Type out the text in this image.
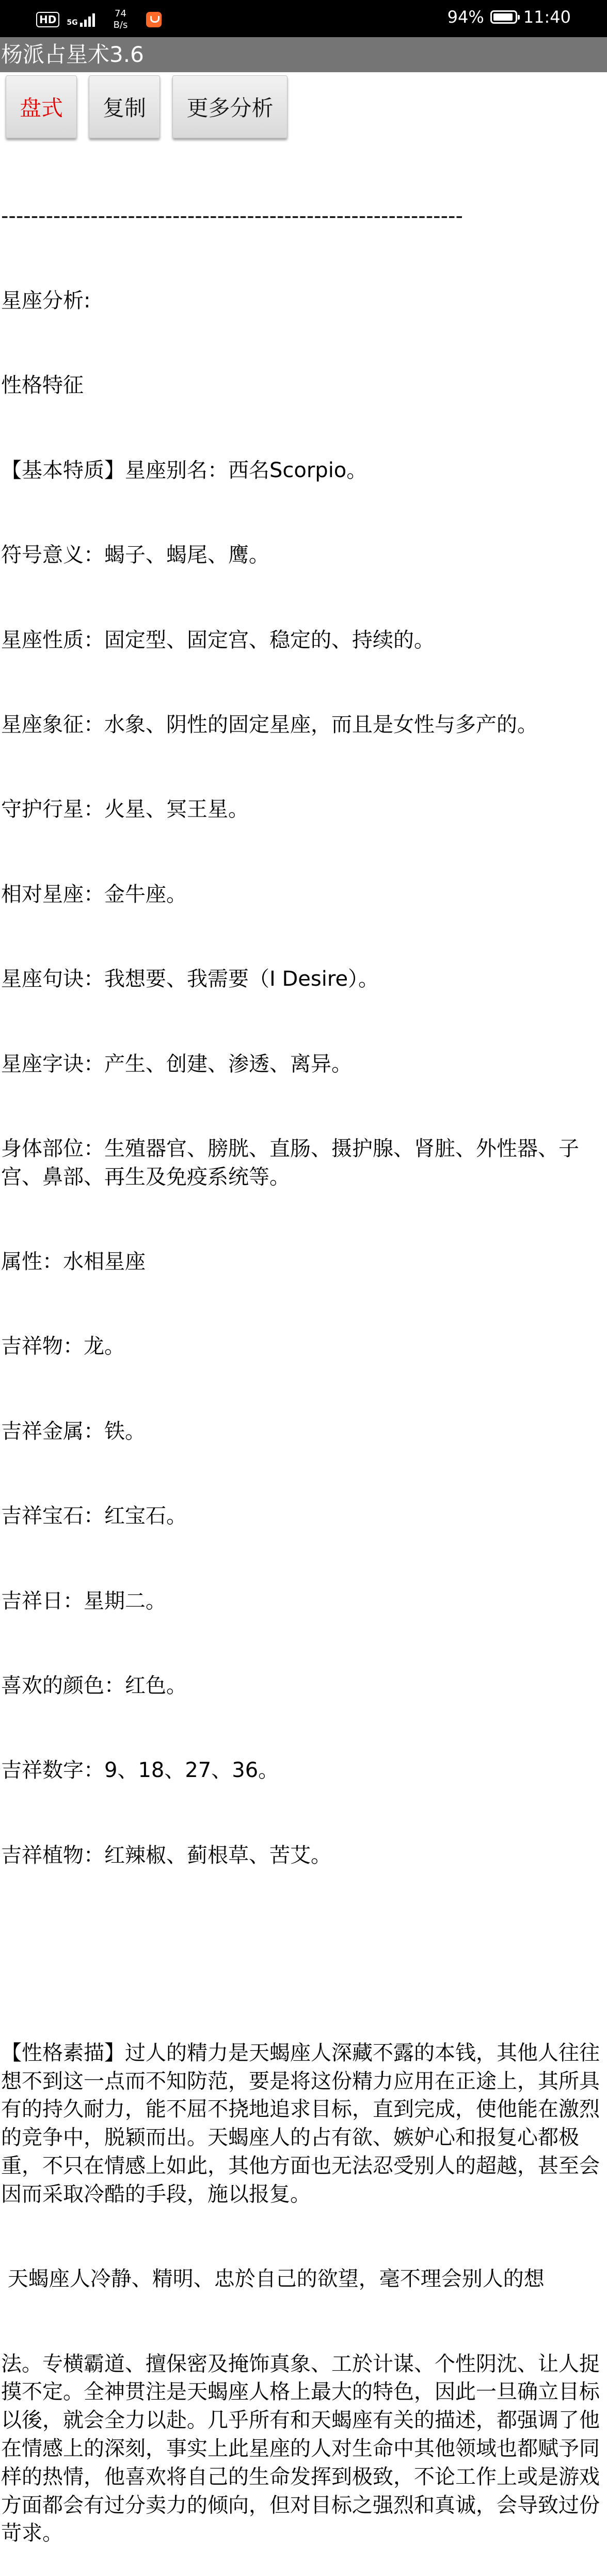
HD	5G
74
B/s	94% 11:40
杨派占星术3.6
盘式	复制	更多分析

--------------------------------------------------------------

星座分析:

性格特征

【基本特质】星座别名：西名Scorpio。

符号意义：蝎子、蝎尾、鹰。

星座性质：固定型、固定宫、稳定的、持续的。

星座象征：水象、阴性的固定星座，而且是女性与多产的。

守护行星：火星、冥王星。

相对星座：金牛座。

星座句诀：我想要、我需要（I Desire）。

星座字诀：产生、创建、渗透、离异。

身体部位：生殖器官、膀胱、直肠、摄护腺、肾脏、外性器、子宫、鼻部、再生及免疫系统等。

属性：水相星座

吉祥物：龙。

吉祥金属：铁。

吉祥宝石：红宝石。

吉祥日：星期二。

喜欢的颜色：红色。

吉祥数字：9、18、27、36。

吉祥植物：红辣椒、蓟根草、苦艾。

【性格素描】过人的精力是天蝎座人深藏不露的本钱，其他人往往想不到这一点而不知防范，要是将这份精力应用在正途上，其所具有的持久耐力，能不屈不挠地追求目标，直到完成，使他能在激烈的竞争中，脱颖而出。天蝎座人的占有欲、嫉妒心和报复心都极重，不只在情感上如此，其他方面也无法忍受别人的超越，甚至会因而采取冷酷的手段，施以报复。

天蝎座人冷静、精明、忠於自己的欲望，毫不理会别人的想

法。专横霸道、擅保密及掩饰真象、工於计谋、个性阴沈、让人捉摸不定。全神贯注是天蝎座人格上最大的特色，因此一旦确立目标以後，就会全力以赴。几乎所有和天蝎座有关的描述，都强调了他在情感上的深刻，事实上此星座的人对生命中其他领域也都赋予同样的热情，他喜欢将自己的生命发挥到极致，不论工作上或是游戏方面都会有过分卖力的倾向，但对目标之强烈和真诚，会导致过份苛求。
